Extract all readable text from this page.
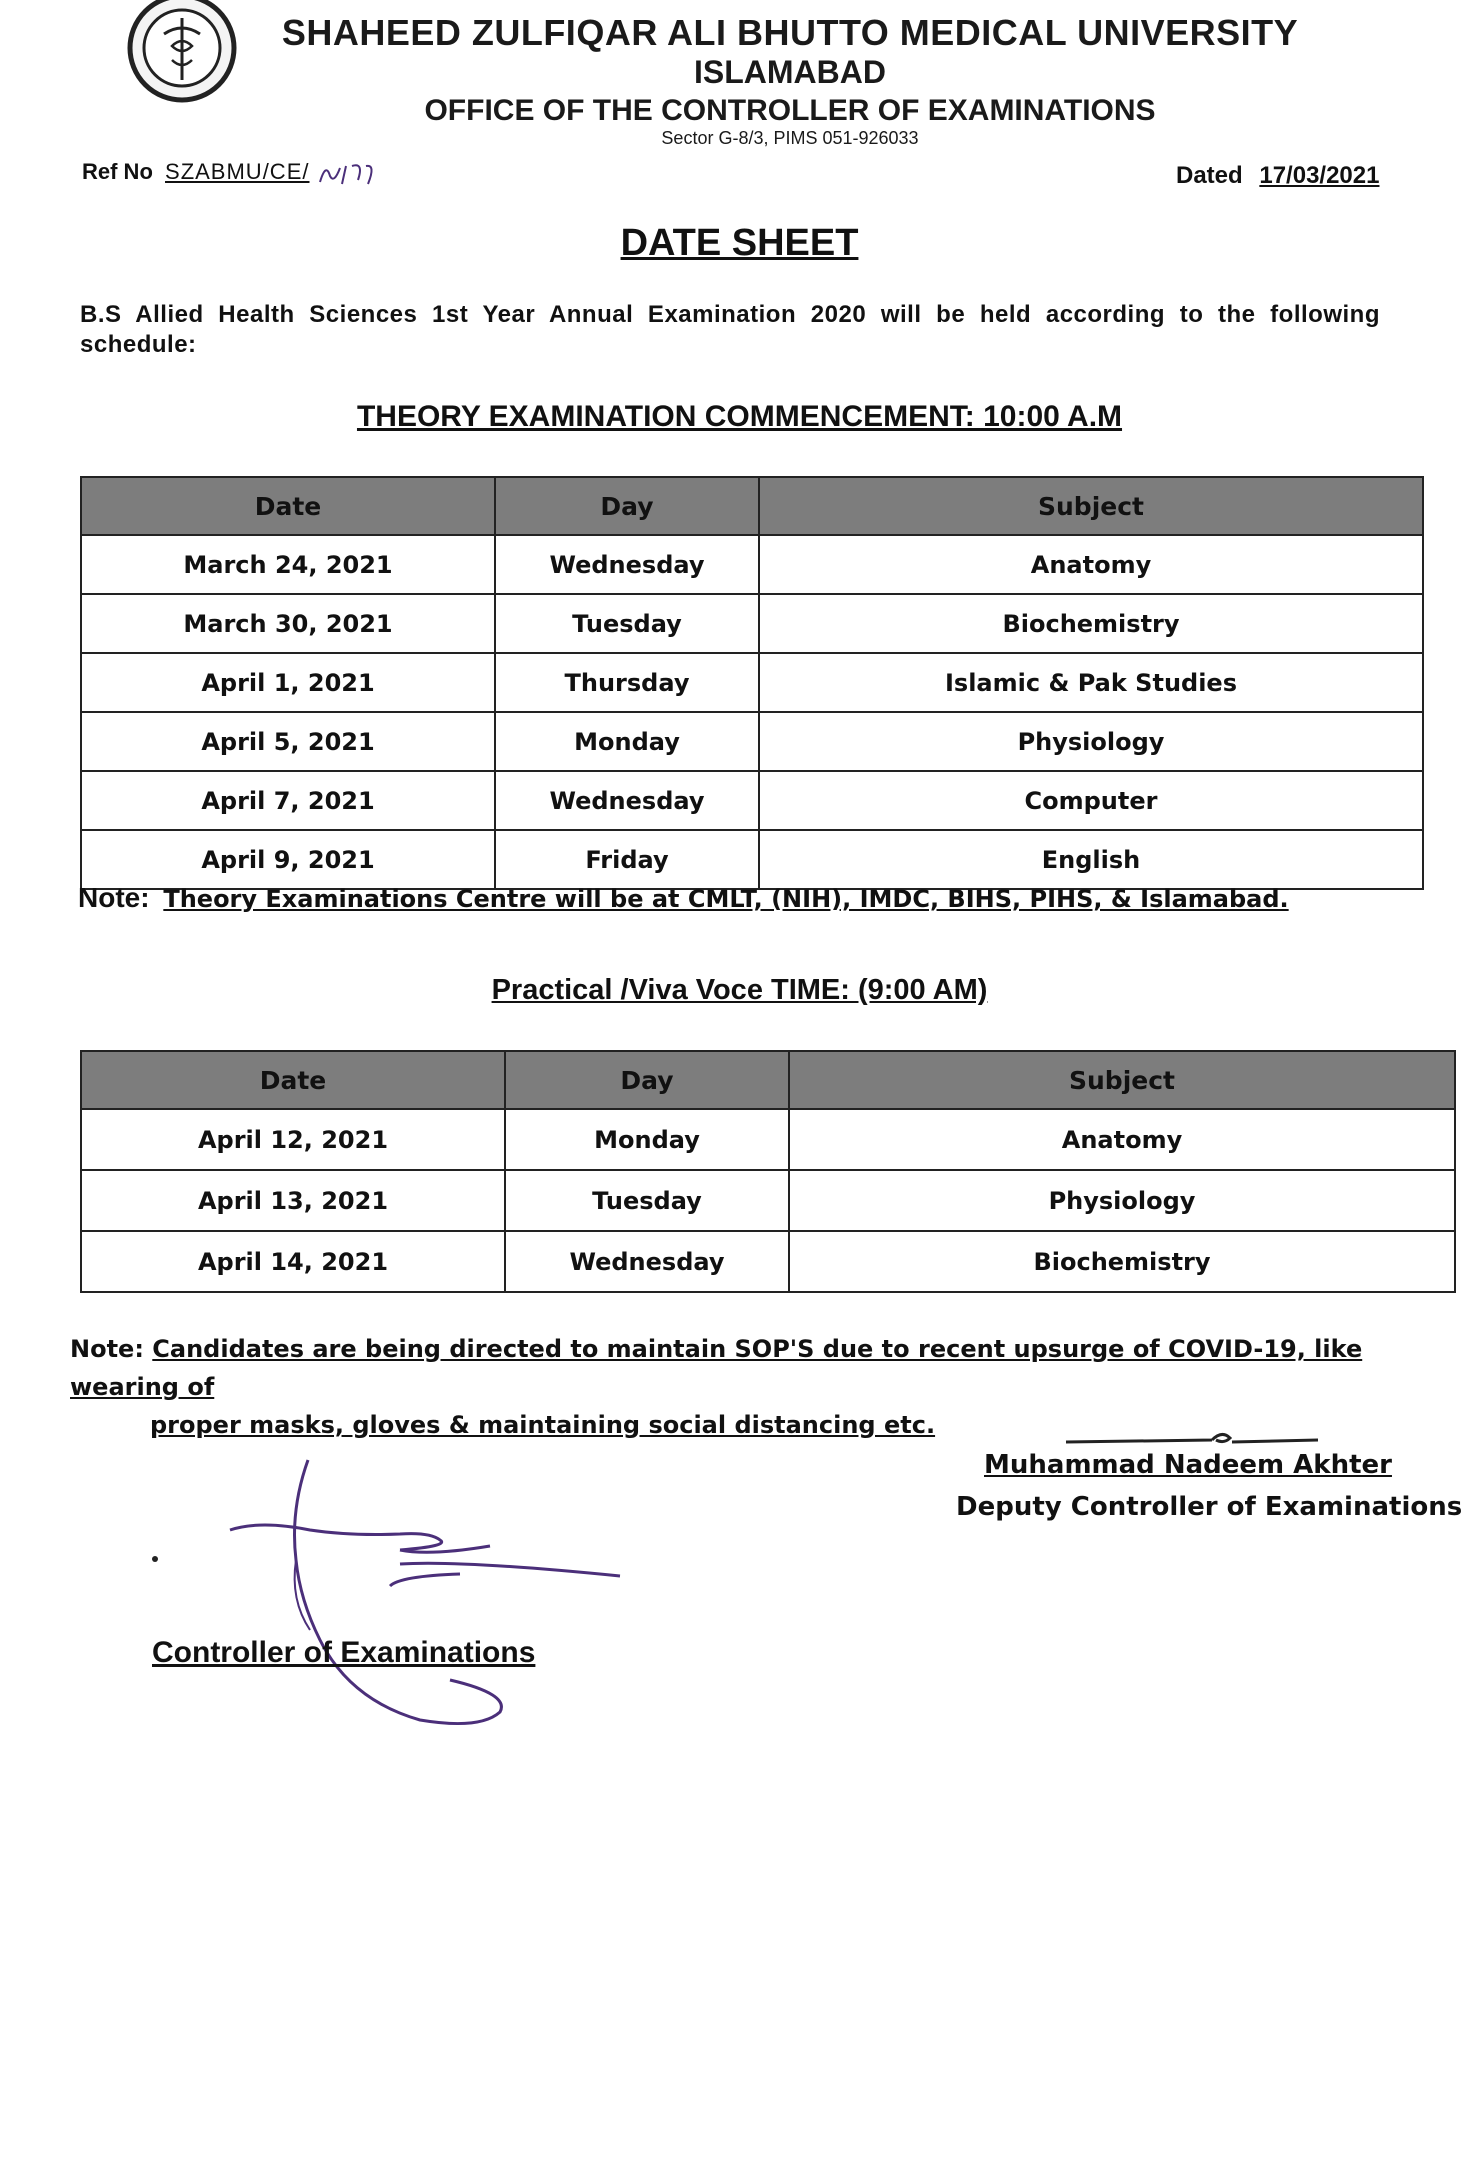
SHAHEED ZULFIQAR ALI BHUTTO MEDICAL UNIVERSITY
ISLAMABAD
OFFICE OF THE CONTROLLER OF EXAMINATIONS
Sector G-8/3, PIMS 051-926033
Ref No SZABMU/CE/	Dated 17/03/2021
DATE SHEET
B.S Allied Health Sciences 1st Year Annual Examination 2020 will be held according to the following schedule:
THEORY EXAMINATION COMMENCEMENT: 10:00 A.M
Date	Day	Subject
March 24, 2021	Wednesday	Anatomy
March 30, 2021	Tuesday	Biochemistry
April 1, 2021	Thursday	Islamic & Pak Studies
April 5, 2021	Monday	Physiology
April 7, 2021	Wednesday	Computer
April 9, 2021	Friday	English
Note: Theory Examinations Centre will be at CMLT, (NIH), IMDC, BIHS, PIHS, & Islamabad.
Practical /Viva Voce TIME: (9:00 AM)
Date	Day	Subject
April 12, 2021	Monday	Anatomy
April 13, 2021	Tuesday	Physiology
April 14, 2021	Wednesday	Biochemistry
Note: Candidates are being directed to maintain SOP'S due to recent upsurge of COVID-19, like wearing of
proper masks, gloves & maintaining social distancing etc.
Muhammad Nadeem Akhter
Deputy Controller of Examinations
Controller of Examinations
